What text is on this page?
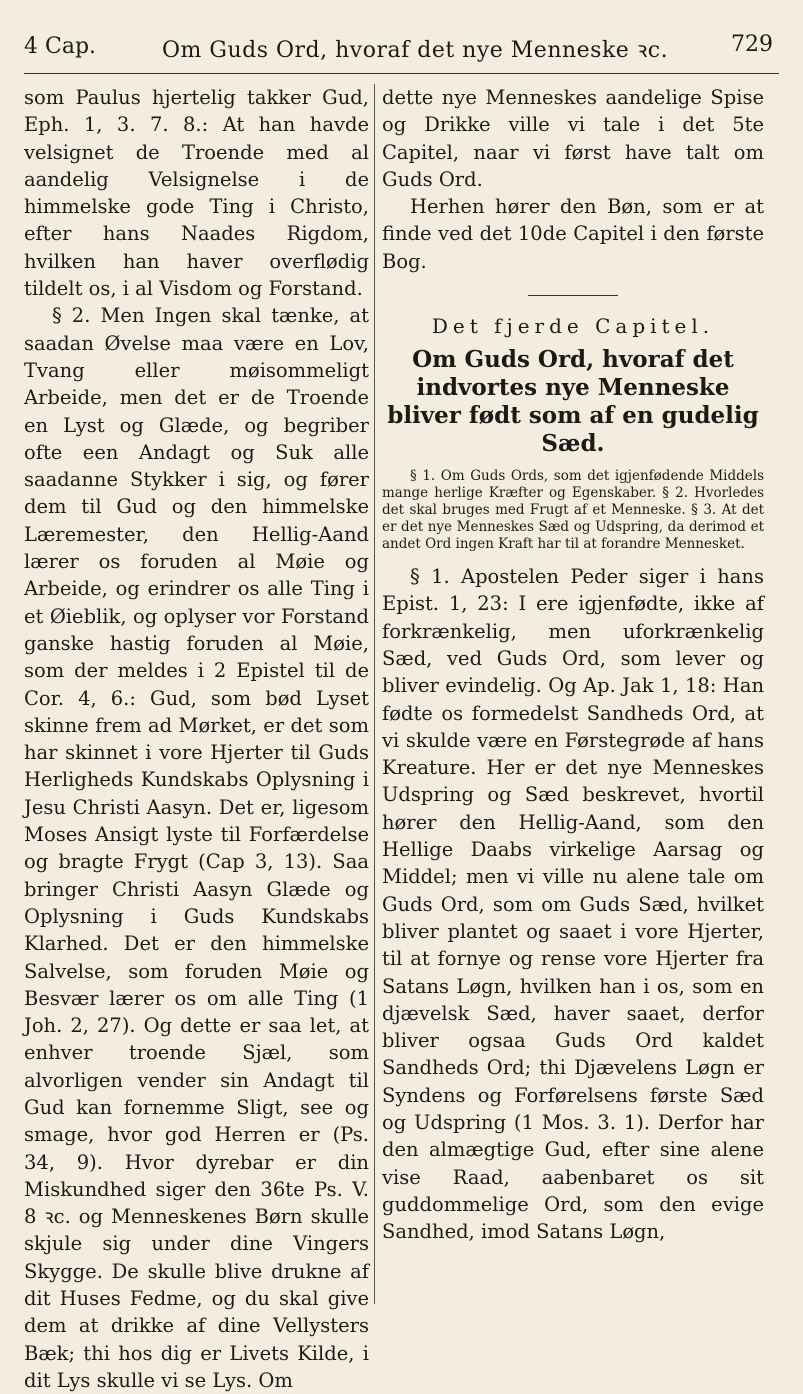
4 Cap.	Om Guds Ord, hvoraf det nye Menneske ꝛc.	729

som Paulus hjertelig takker Gud, Eph. 1, 3. 7. 8.: At han havde velsignet de Troende med al aandelig Velsignelse i de himmelske gode Ting i Christo, efter hans Naades Rigdom, hvilken han haver overflødig tildelt os, i al Visdom og Forstand.

§ 2. Men Ingen skal tænke, at saadan Øvelse maa være en Lov, Tvang eller møisommeligt Arbeide, men det er de Troende en Lyst og Glæde, og begriber ofte een Andagt og Suk alle saadanne Stykker i sig, og fører dem til Gud og den himmelske Læremester, den Hellig-Aand lærer os foruden al Møie og Arbeide, og erindrer os alle Ting i et Øieblik, og oplyser vor Forstand ganske hastig foruden al Møie, som der meldes i 2 Epistel til de Cor. 4, 6.: Gud, som bød Lyset skinne frem ad Mørket, er det som har skinnet i vore Hjerter til Guds Herligheds Kundskabs Oplysning i Jesu Christi Aasyn. Det er, ligesom Moses Ansigt lyste til Forfærdelse og bragte Frygt (Cap 3, 13). Saa bringer Christi Aasyn Glæde og Oplysning i Guds Kundskabs Klarhed. Det er den himmelske Salvelse, som foruden Møie og Besvær lærer os om alle Ting (1 Joh. 2, 27). Og dette er saa let, at enhver troende Sjæl, som alvorligen vender sin Andagt til Gud kan fornemme Sligt, see og smage, hvor god Herren er (Ps. 34, 9). Hvor dyrebar er din Miskundhed siger den 36te Ps. V. 8 ꝛc. og Menneskenes Børn skulle skjule sig under dine Vingers Skygge. De skulle blive drukne af dit Huses Fedme, og du skal give dem at drikke af dine Vellysters Bæk; thi hos dig er Livets Kilde, i dit Lys skulle vi se Lys. Om

dette nye Menneskes aandelige Spise og Drikke ville vi tale i det 5te Capitel, naar vi først have talt om Guds Ord.

Herhen hører den Bøn, som er at finde ved det 10de Capitel i den første Bog.

Det fjerde Capitel.

Om Guds Ord, hvoraf det indvortes nye Menneske bliver født som af en gudelig Sæd.

§ 1. Om Guds Ords, som det igjenfødende Middels mange herlige Kræfter og Egenskaber. § 2. Hvorledes det skal bruges med Frugt af et Menneske. § 3. At det er det nye Menneskes Sæd og Udspring, da derimod et andet Ord ingen Kraft har til at forandre Mennesket.

§ 1. Apostelen Peder siger i hans Epist. 1, 23: I ere igjenfødte, ikke af forkrænkelig, men uforkrænkelig Sæd, ved Guds Ord, som lever og bliver evindelig. Og Ap. Jak 1, 18: Han fødte os formedelst Sandheds Ord, at vi skulde være en Førstegrøde af hans Kreature. Her er det nye Menneskes Udspring og Sæd beskrevet, hvortil hører den Hellig-Aand, som den Hellige Daabs virkelige Aarsag og Middel; men vi ville nu alene tale om Guds Ord, som om Guds Sæd, hvilket bliver plantet og saaet i vore Hjerter, til at fornye og rense vore Hjerter fra Satans Løgn, hvilken han i os, som en djævelsk Sæd, haver saaet, derfor bliver ogsaa Guds Ord kaldet Sandheds Ord; thi Djævelens Løgn er Syndens og Forførelsens første Sæd og Udspring (1 Mos. 3. 1). Derfor har den almægtige Gud, efter sine alene vise Raad, aabenbaret os sit guddommelige Ord, som den evige Sandhed, imod Satans Løgn,
